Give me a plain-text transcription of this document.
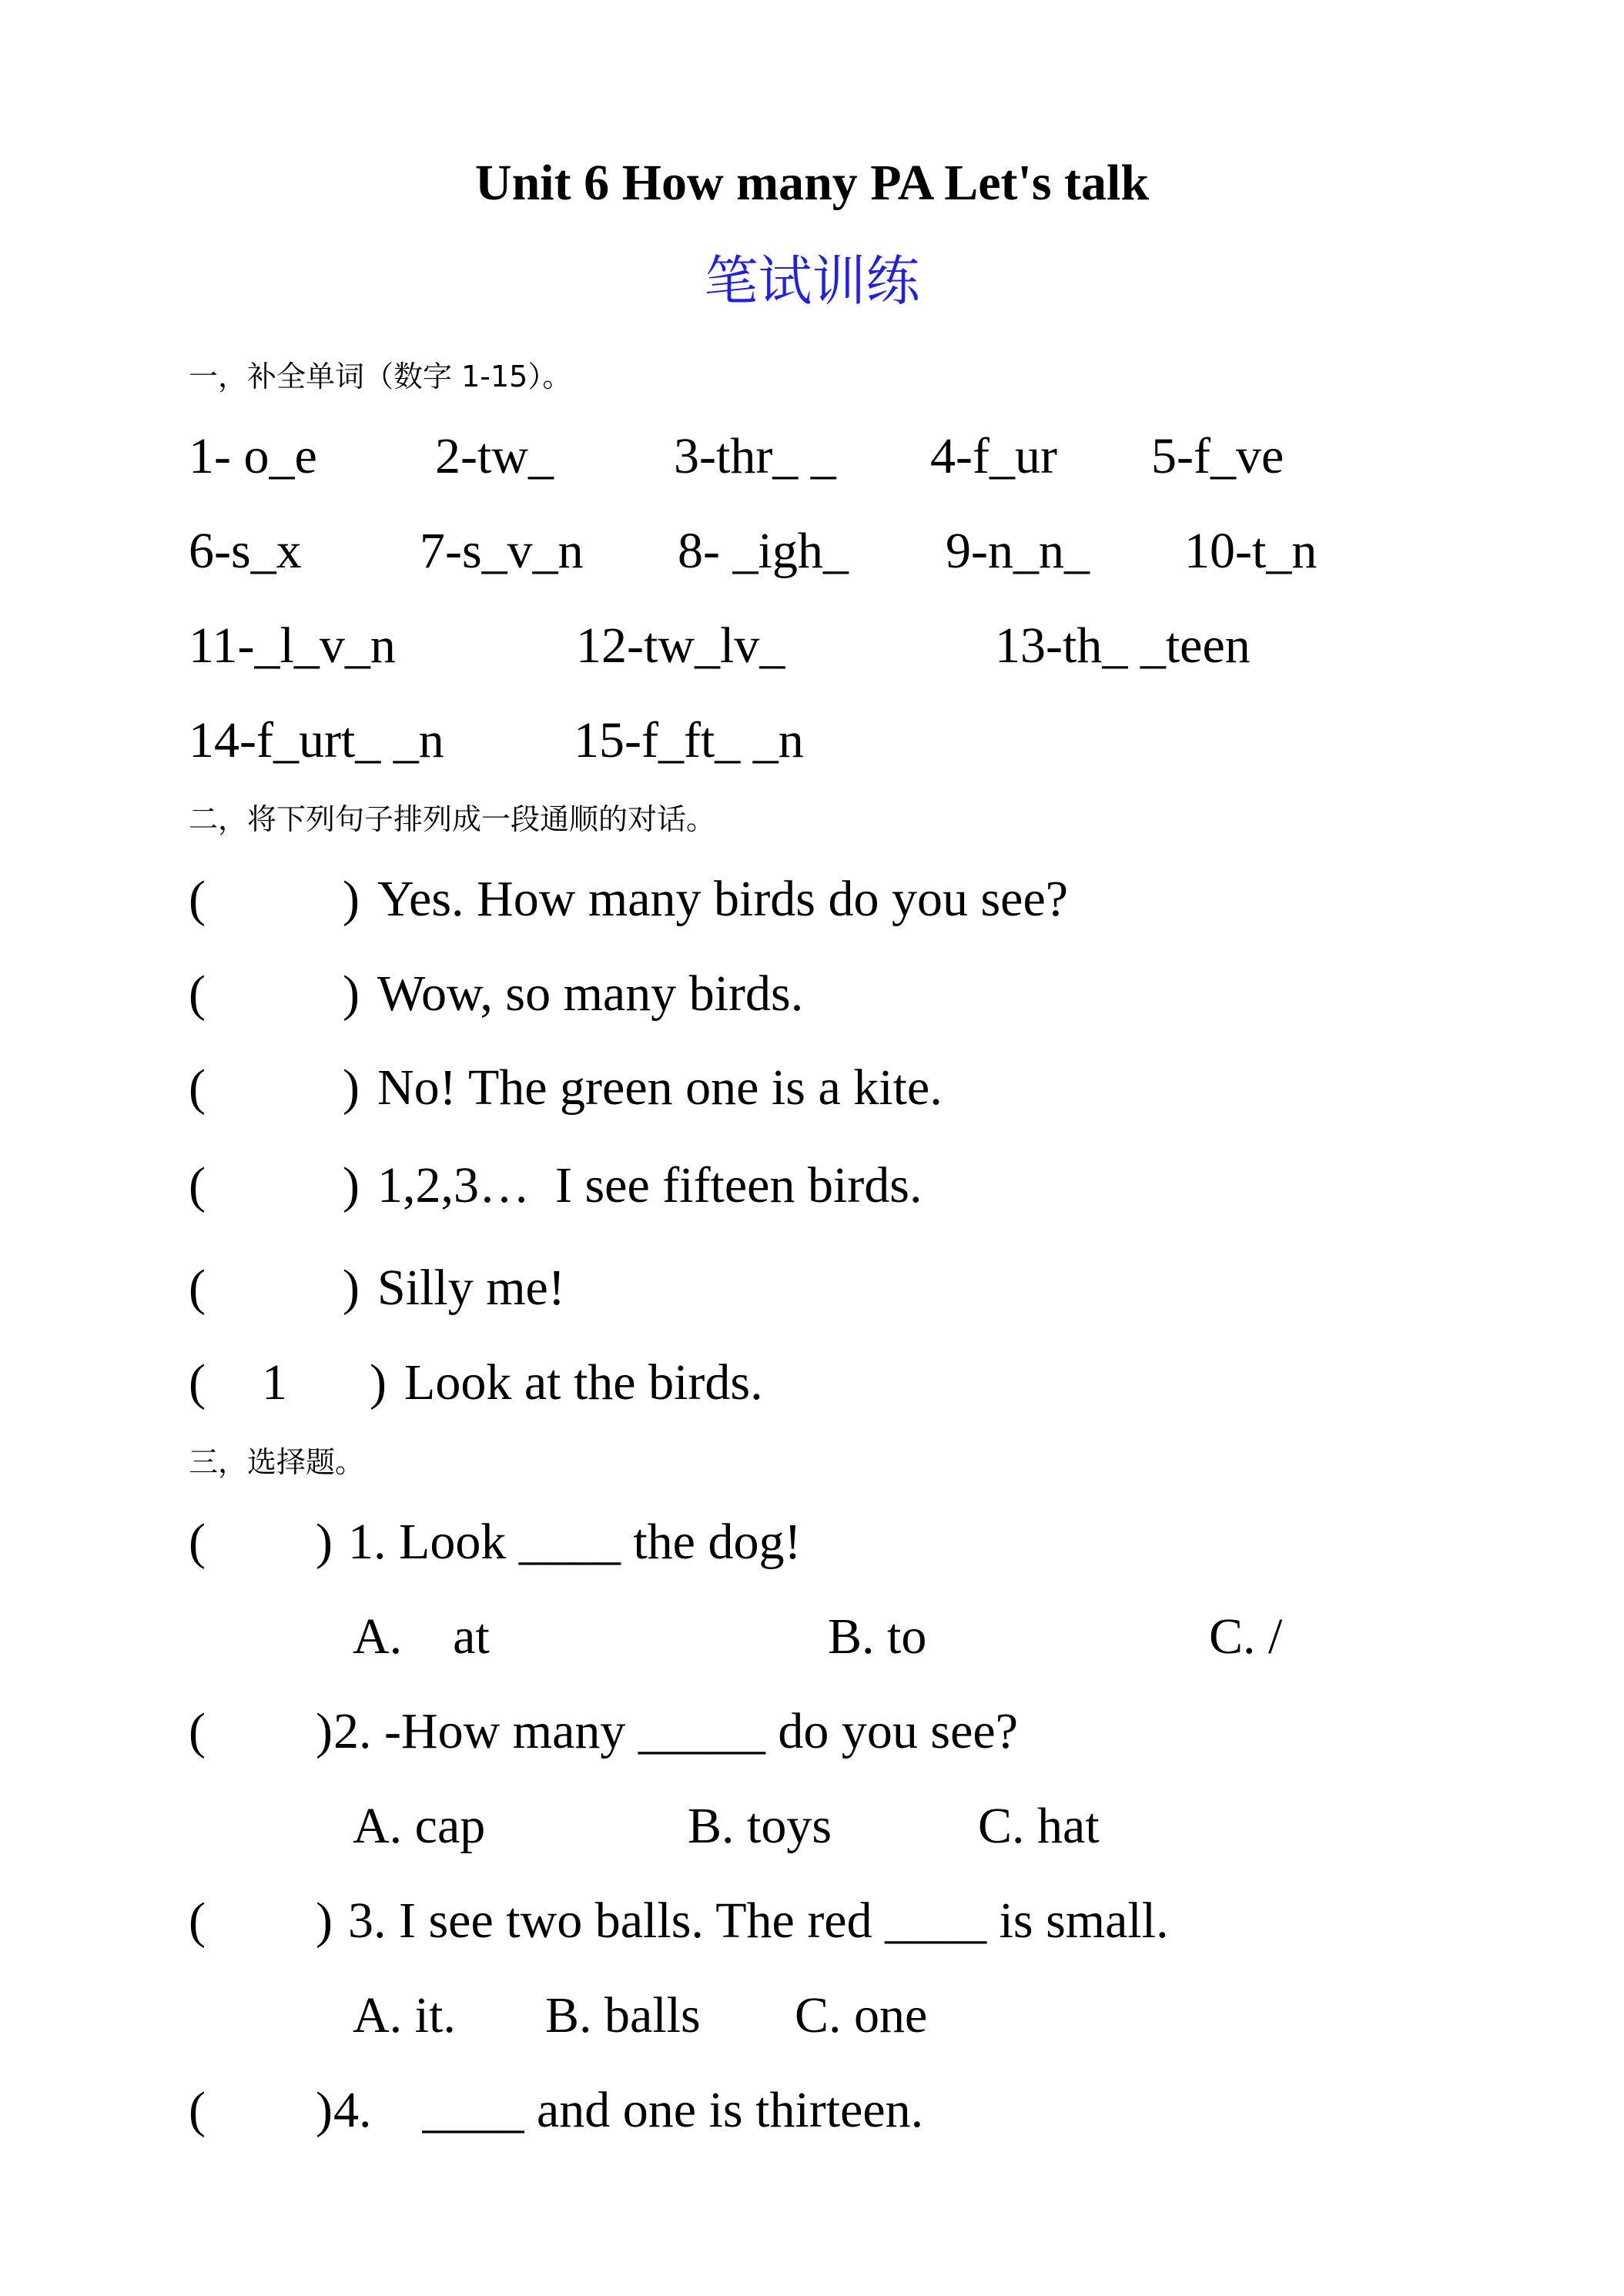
Unit 6 How many PA Let's talk
笔试训练
一，补全单词（数字 1-15）。
1- o_e 2-tw_ 3-thr_ _ 4-f_ur 5-f_ve
6-s_x 7-s_v_n 8- _igh_ 9-n_n_ 10-t_n
11-_l_v_n	12-tw_lv_	13-th_ _teen
14-f_urt_ _n	15-f_ft_ _n
二，将下列句子排列成一段通顺的对话。
(	) Yes. How many birds do you see?
(	) Wow, so many birds.
(	) No! The green one is a kite.
(	) 1,2,3…  I see fifteen birds.
(	) Silly me!
( 1 ) Look at the birds.
三，选择题。
( ) 1. Look ____ the dog!
A.    at	B. to	C. /
( ) 2. -How many _____ do you see?
A. cap	B. toys	C. hat
( ) 3. I see two balls. The red ____ is small.
A. it. B. balls C. one
( ) 4.    ____ and one is thirteen.
